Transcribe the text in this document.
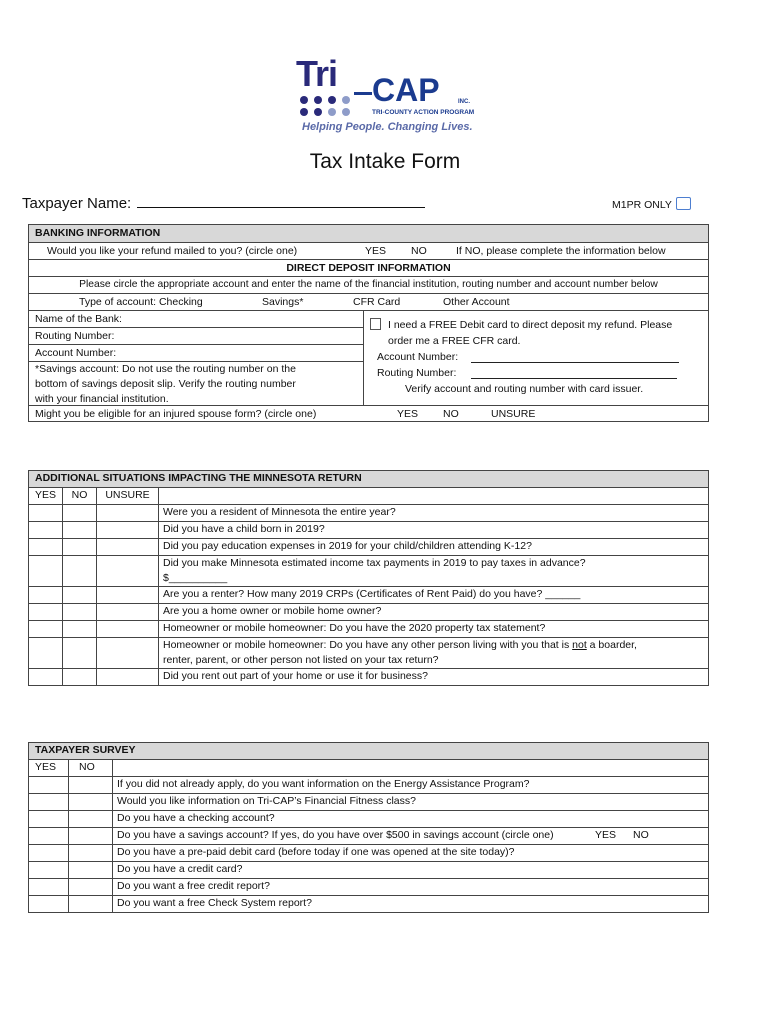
Tri CAP	INC.
TRI-COUNTY ACTION PROGRAM
Helping People. Changing Lives.
Tax Intake Form
Taxpayer Name:	M1PR ONLY
BANKING INFORMATION
Would you like your refund mailed to you? (circle one)	YES NO	If NO, please complete the information below
DIRECT DEPOSIT INFORMATION
Please circle the appropriate account and enter the name of the financial institution, routing number and account number below
Type of account: Checking	Savings*	CFR Card	Other Account
Name of the Bank:
Routing Number:
Account Number:
*Savings account: Do not use the routing number on the
bottom of savings deposit slip. Verify the routing number
with your financial institution.
I need a FREE Debit card to direct deposit my refund. Please
order me a FREE CFR card.
Account Number:
Routing Number:
Verify account and routing number with card issuer.
Might you be eligible for an injured spouse form? (circle one)	YES NO	UNSURE
ADDITIONAL SITUATIONS IMPACTING THE MINNESOTA RETURN			
YES	NO	UNSURE	
			Were you a resident of Minnesota the entire year?
			Did you have a child born in 2019?
			Did you pay education expenses in 2019 for your child/children attending K-12?

			Did you make Minnesota estimated income tax payments in 2019 to pay taxes in advance?
$__________

			Are you a renter? How many 2019 CRPs (Certificates of Rent Paid) do you have? ______
			Are you a home owner or mobile home owner?
			Homeowner or mobile homeowner: Do you have the 2020 property tax statement?

			Homeowner or mobile homeowner: Do you have any other person living with you that is not a boarder,
renter, parent, or other person not listed on your tax return?

			Did you rent out part of your home or use it for business?
TAXPAYER SURVEY		
YES	NO	
		If you did not already apply, do you want information on the Energy Assistance Program?
		Would you like information on Tri-CAP’s Financial Fitness class?
		Do you have a checking account?
		Do you have a savings account? If yes, do you have over $500 in savings account (circle one) YES NO

		Do you have a pre-paid debit card (before today if one was opened at the site today)?
		Do you have a credit card?
		Do you want a free credit report?
		Do you want a free Check System report?
